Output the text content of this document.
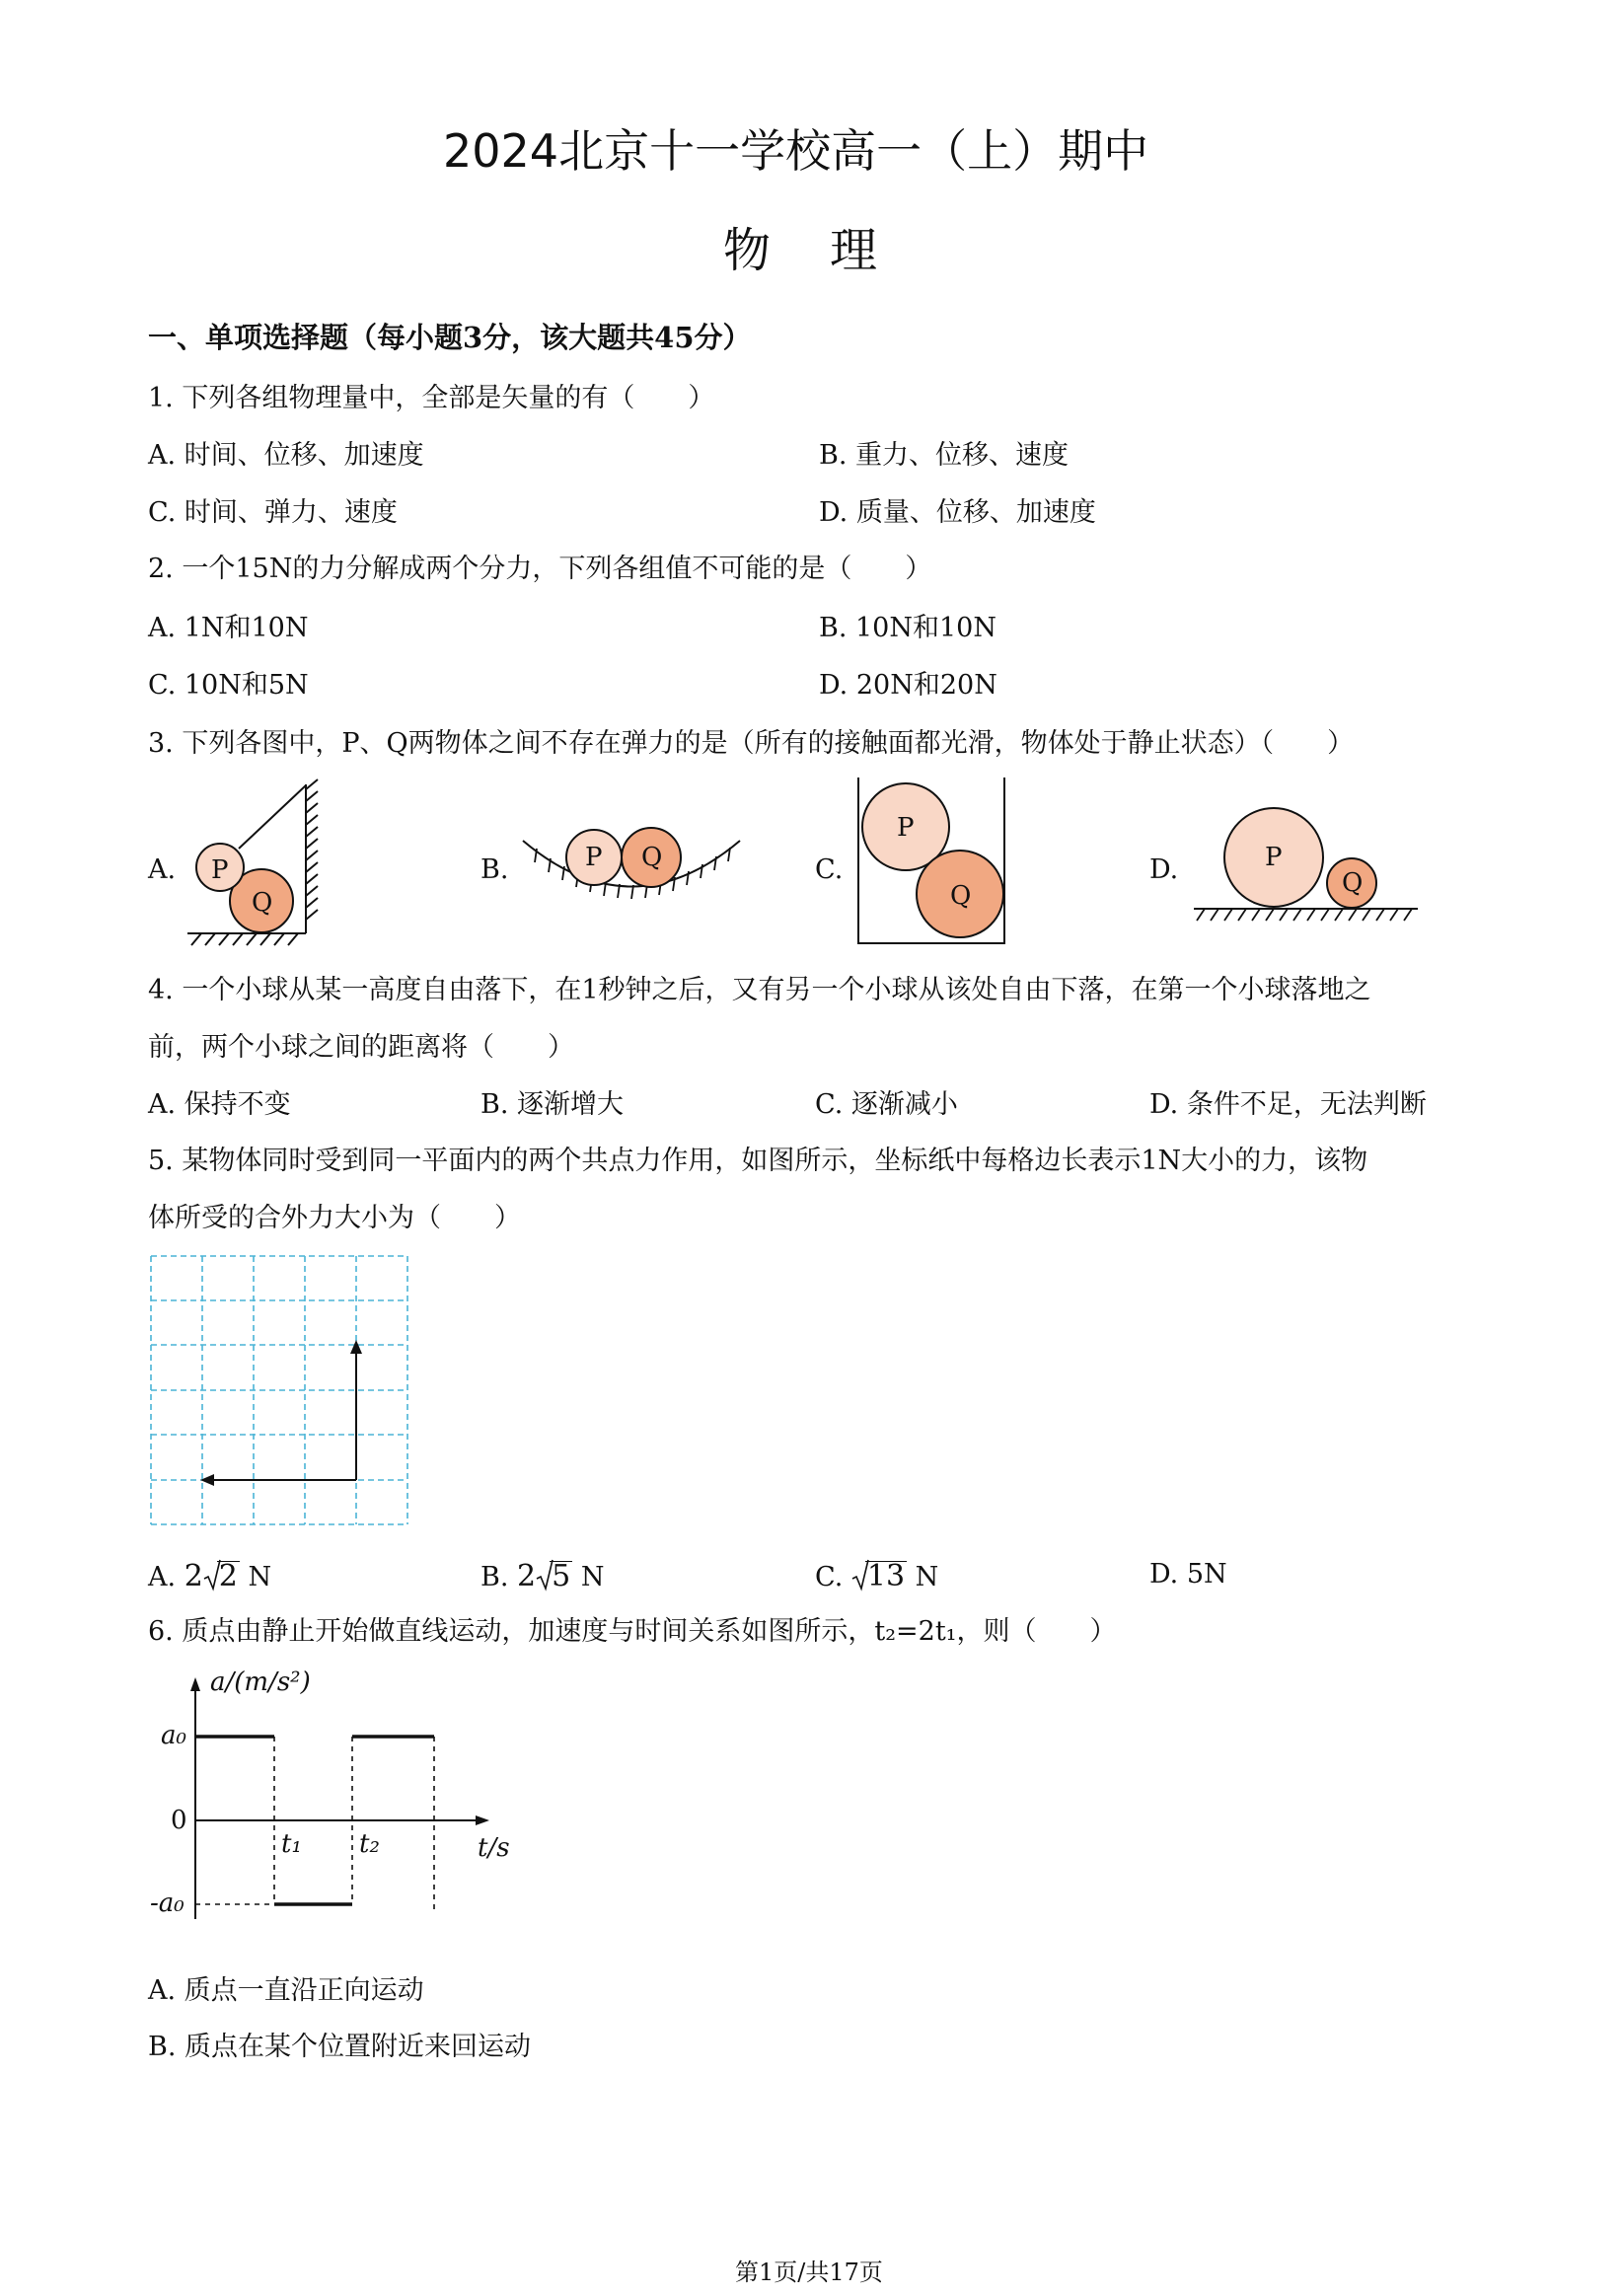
2024北京十一学校高一（上）期中
物理
一、单项选择题（每小题3分，该大题共45分）
1. 下列各组物理量中，全部是矢量的有（　　）
A. 时间、位移、加速度	B. 重力、位移、速度
C. 时间、弹力、速度	D. 质量、位移、加速度
2. 一个15N的力分解成两个分力，下列各组值不可能的是（　　）
A. 1N和10N	B. 10N和10N
C. 10N和5N	D. 20N和20N
3. 下列各图中，P、Q两物体之间不存在弹力的是（所有的接触面都光滑，物体处于静止状态）（　　）
A. P
Q
B.	P Q	C.
P
Q
D.	P
Q
4. 一个小球从某一高度自由落下，在1秒钟之后，又有另一个小球从该处自由下落，在第一个小球落地之
前，两个小球之间的距离将（　　）
A. 保持不变	B. 逐渐增大	C. 逐渐减小	D. 条件不足，无法判断
5. 某物体同时受到同一平面内的两个共点力作用，如图所示，坐标纸中每格边长表示1N大小的力，该物
体所受的合外力大小为（　　）
A. 2 2 N	B. 2 5 N	C. 13 N	D. 5N
6. 质点由静止开始做直线运动，加速度与时间关系如图所示，t₂=2t₁，则（　　）
a/(m/s²)
a₀
0
-a₀
t₁ t₂	t/s
A. 质点一直沿正向运动
B. 质点在某个位置附近来回运动
第1页/共17页
